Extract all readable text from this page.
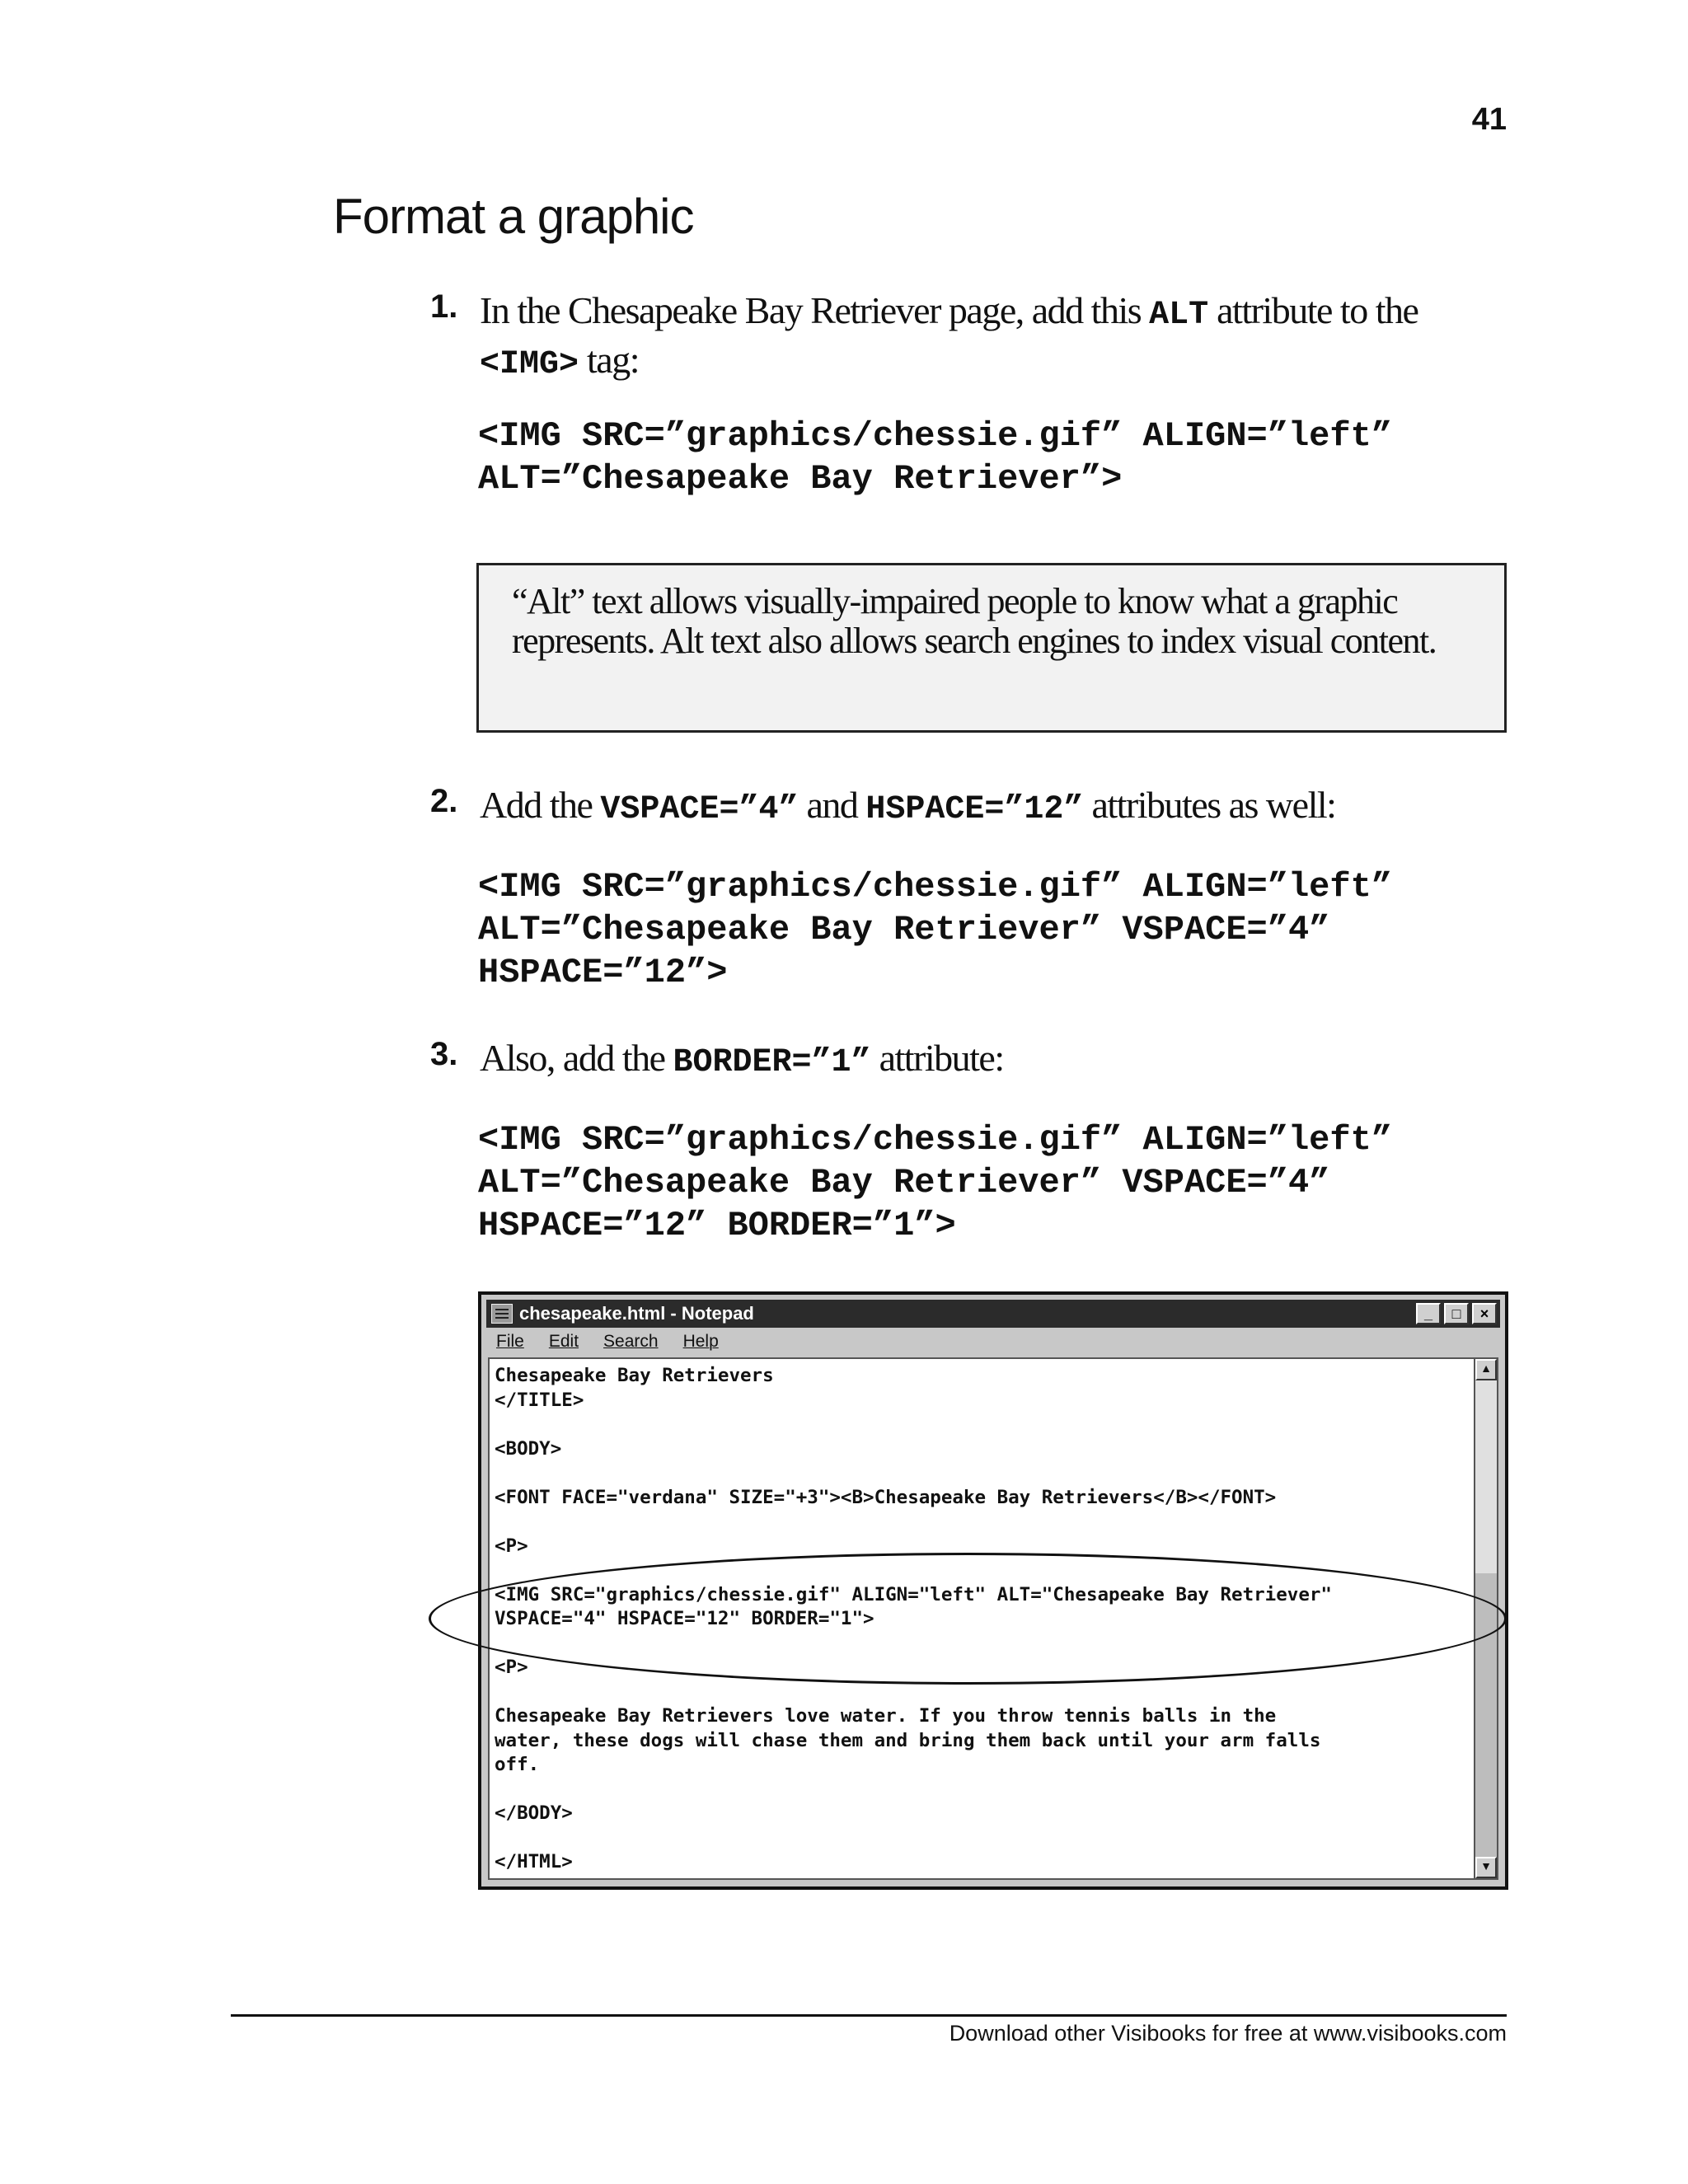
41
Format a graphic
1. In the Chesapeake Bay Retriever page, add this ALT attribute to the
<IMG> tag:
<IMG SRC=”graphics/chessie.gif” ALIGN=”left”
ALT=”Chesapeake Bay Retriever”>
“Alt” text allows visually-impaired people to know what a graphic represents. Alt text also allows search engines to index visual content.
2. Add the VSPACE=”4” and HSPACE=”12” attributes as well:
<IMG SRC=”graphics/chessie.gif” ALIGN=”left”
ALT=”Chesapeake Bay Retriever” VSPACE=”4”
HSPACE=”12”>
3. Also, add the BORDER=”1” attribute:
<IMG SRC=”graphics/chessie.gif” ALIGN=”left”
ALT=”Chesapeake Bay Retriever” VSPACE=”4”
HSPACE=”12” BORDER=”1”>
chesapeake.html - Notepad	_	□	×
File Edit Search Help
Chesapeake Bay Retrievers
</TITLE>

<BODY>

<FONT FACE="verdana" SIZE="+3"><B>Chesapeake Bay Retrievers</B></FONT>

<P>

<IMG SRC="graphics/chessie.gif" ALIGN="left" ALT="Chesapeake Bay Retriever"
VSPACE="4" HSPACE="12" BORDER="1">

<P>

Chesapeake Bay Retrievers love water. If you throw tennis balls in the
water, these dogs will chase them and bring them back until your arm falls
off.

</BODY>

</HTML>
▲
▼
Download other Visibooks for free at www.visibooks.com
